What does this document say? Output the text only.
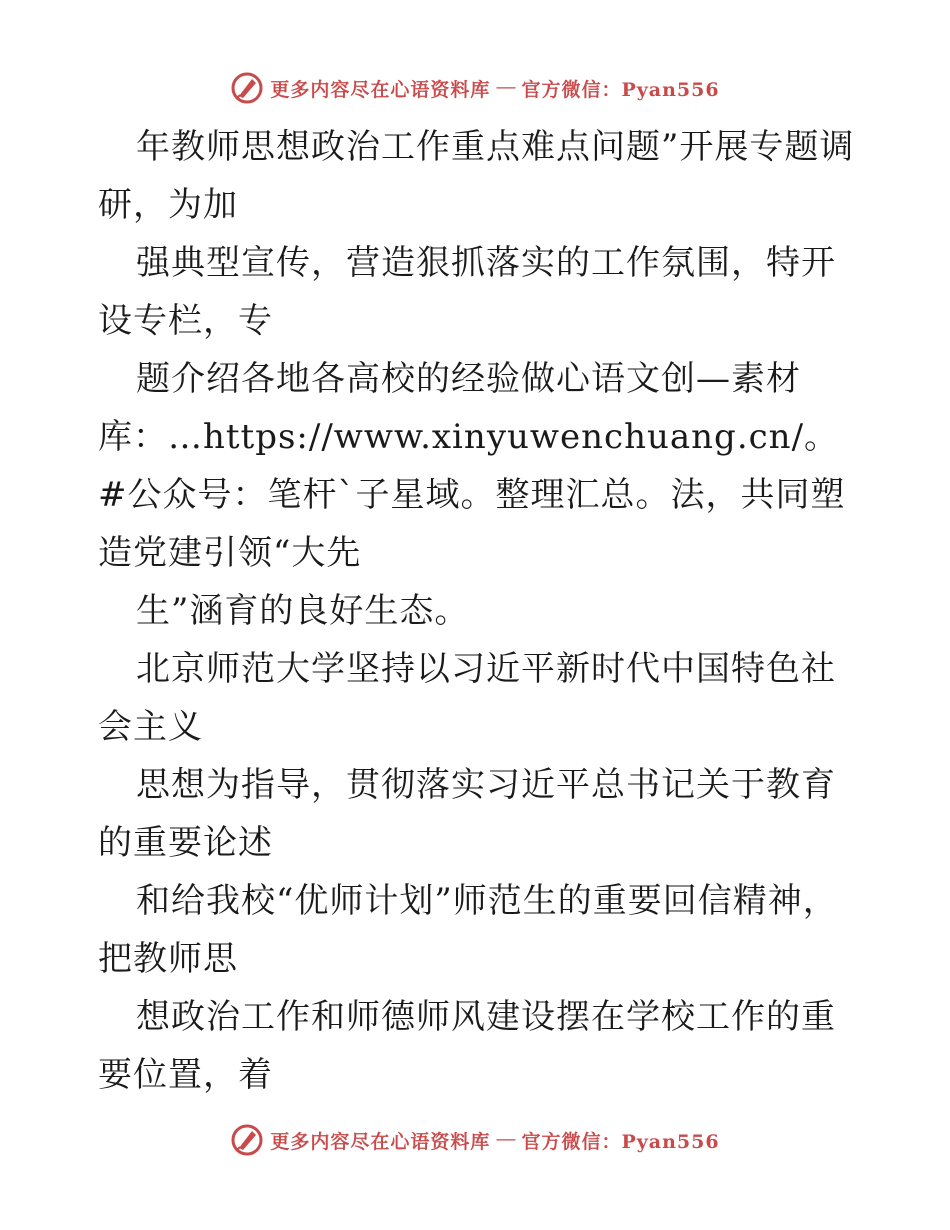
更多内容尽在心语资料库 — 官方微信：Pyan556

年教师思想政治工作重点难点问题”开展专题调研，为加

强典型宣传，营造狠抓落实的工作氛围，特开设专栏，专

题介绍各地各高校的经验做心语文创—素材库：…https://www.xinyuwenchuang.cn/。#公众号：笔杆`子星域。整理汇总。法，共同塑造党建引领“大先

生”涵育的良好生态。

北京师范大学坚持以习近平新时代中国特色社会主义

思想为指导，贯彻落实习近平总书记关于教育的重要论述

和给我校“优师计划”师范生的重要回信精神，把教师思

想政治工作和师德师风建设摆在学校工作的重要位置，着

更多内容尽在心语资料库 — 官方微信：Pyan556
